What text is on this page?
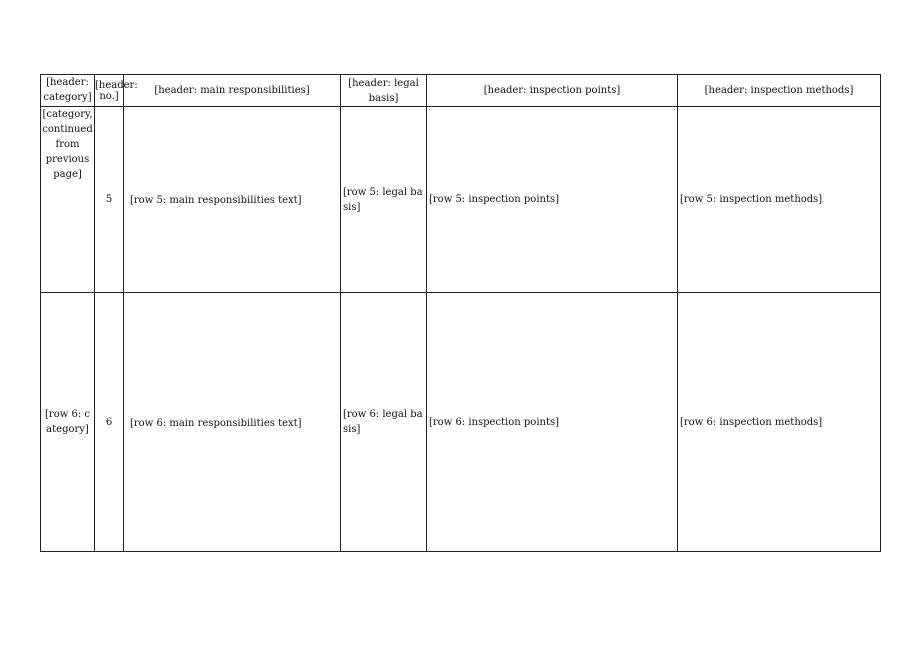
[header: category]	[header: no.]	[header: main responsibilities]	[header: legal basis]	[header: inspection points]	[header: inspection methods]

[category, continued from previous page]	5	[row 5: main responsibilities text]	[row 5: legal basis]	[row 5: inspection points]	[row 5: inspection methods]

[row 6: category]	6	[row 6: main responsibilities text]	[row 6: legal basis]	[row 6: inspection points]	[row 6: inspection methods]
